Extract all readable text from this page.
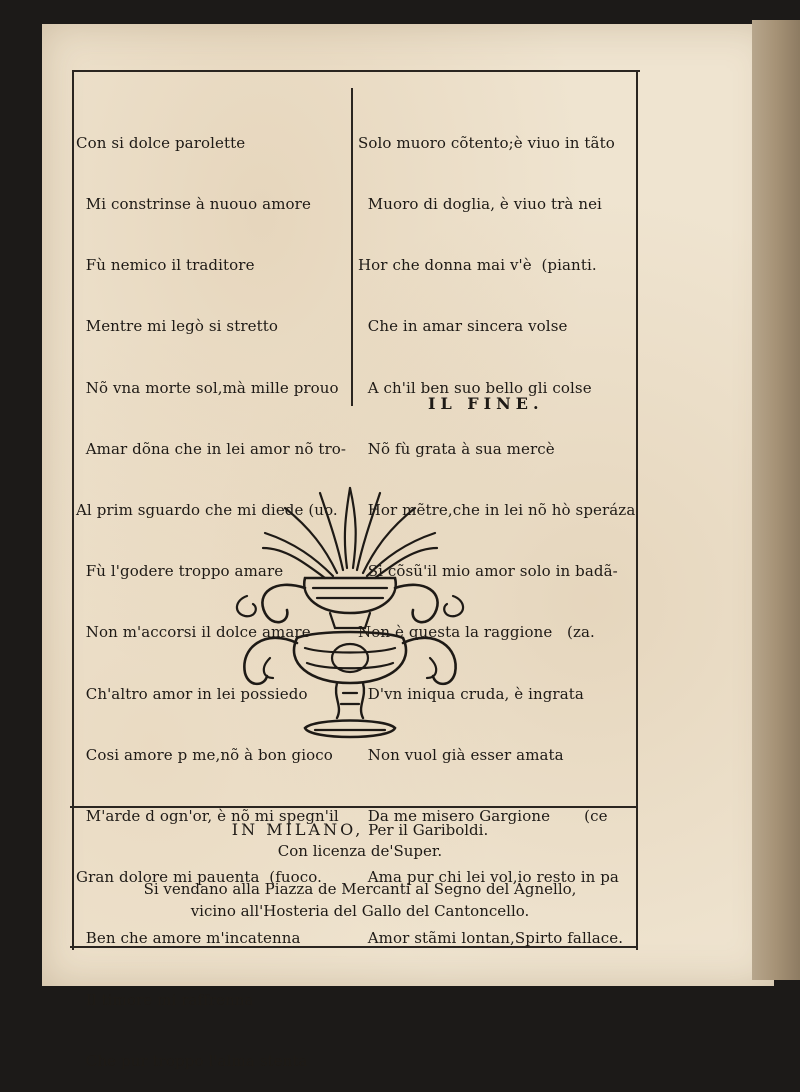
Con si dolce parolette

Mi constrinse à nuouo amore

Fù nemico il traditore

Mentre mi legò si stretto

Nõ vna morte sol,mà mille prouo

Amar dõna che in lei amor nõ tro-

Al prim sguardo che mi diede (uo.

Fù l'godere troppo amare

Non m'accorsi il dolce amare

Ch'altro amor in lei possiedo

Cosi amore p me,nõ à bon gioco

M'arde d ogn'or, è nõ mi spegn'il

Gran dolore mi pauenta  (fuoco.

Ben che amore m'incatenna

Il timore mi raffrenna

Che pur troppo l'alma stenta

Solo muoro cõtento;è viuo in tãto

Muoro di doglia, è viuo trà nei

Hor che donna mai v'è  (pianti.

Che in amar sincera volse

A ch'il ben suo bello gli colse

Nõ fù grata à sua mercè

Hor mẽtre,che in lei nõ hò speráza

Si cõsũ'il mio amor solo in badã-

Non è questa la raggione   (za.

D'vn iniqua cruda, è ingrata

Non vuol già esser amata

Da me misero Gargione       (ce

Ama pur chi lei vol,io resto in pa

Amor stãmi lontan,Spirto fallace.

IL FINE.
IN MILANO, Per il Gariboldi.
Con licenza de'Super.
Si vendano alla Piazza de Mercanti al Segno del Agnello,
vicino all'Hosteria del Gallo del Cantoncello.
